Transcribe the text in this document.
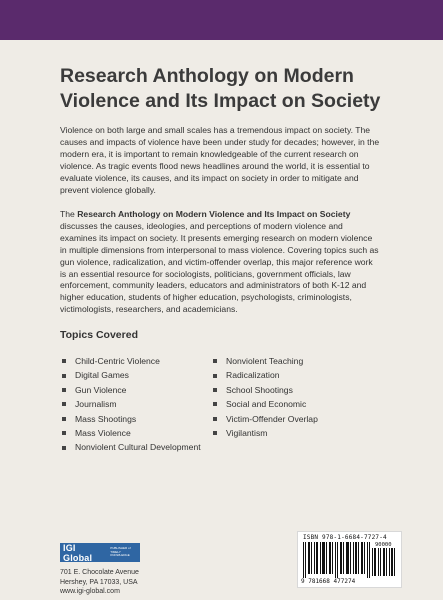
Research Anthology on Modern
Violence and Its Impact on Society
Violence on both large and small scales has a tremendous impact on society. The causes and impacts of violence have been under study for decades; however, in the modern era, it is important to remain knowledgeable of the current research on violence. As tragic events flood news headlines around the world, it is essential to evaluate violence, its causes, and its impact on society in order to mitigate and prevent violence globally.
The Research Anthology on Modern Violence and Its Impact on Society discusses the causes, ideologies, and perceptions of modern violence and examines its impact on society. It presents emerging research on modern violence in multiple dimensions from interpersonal to mass violence. Covering topics such as gun violence, radicalization, and victim-offender overlap, this major reference work is an essential resource for sociologists, politicians, government officials, law enforcement, community leaders, educators and administrators of both K-12 and higher education, students of higher education, psychologists, criminologists, victimologists, researchers, and academicians.
Topics Covered
Child-Centric Violence
Digital Games
Gun Violence
Journalism
Mass Shootings
Mass Violence
Nonviolent Cultural Development
Nonviolent Teaching
Radicalization
School Shootings
Social and Economic
Victim-Offender Overlap
Vigilantism
IGI Global
PUBLISHER of TIMELY KNOWLEDGE
701 E. Chocolate Avenue
Hershey, PA 17033, USA
www.igi-global.com
ISBN 978-1-6684-7727-4
90000
9 781668 477274
